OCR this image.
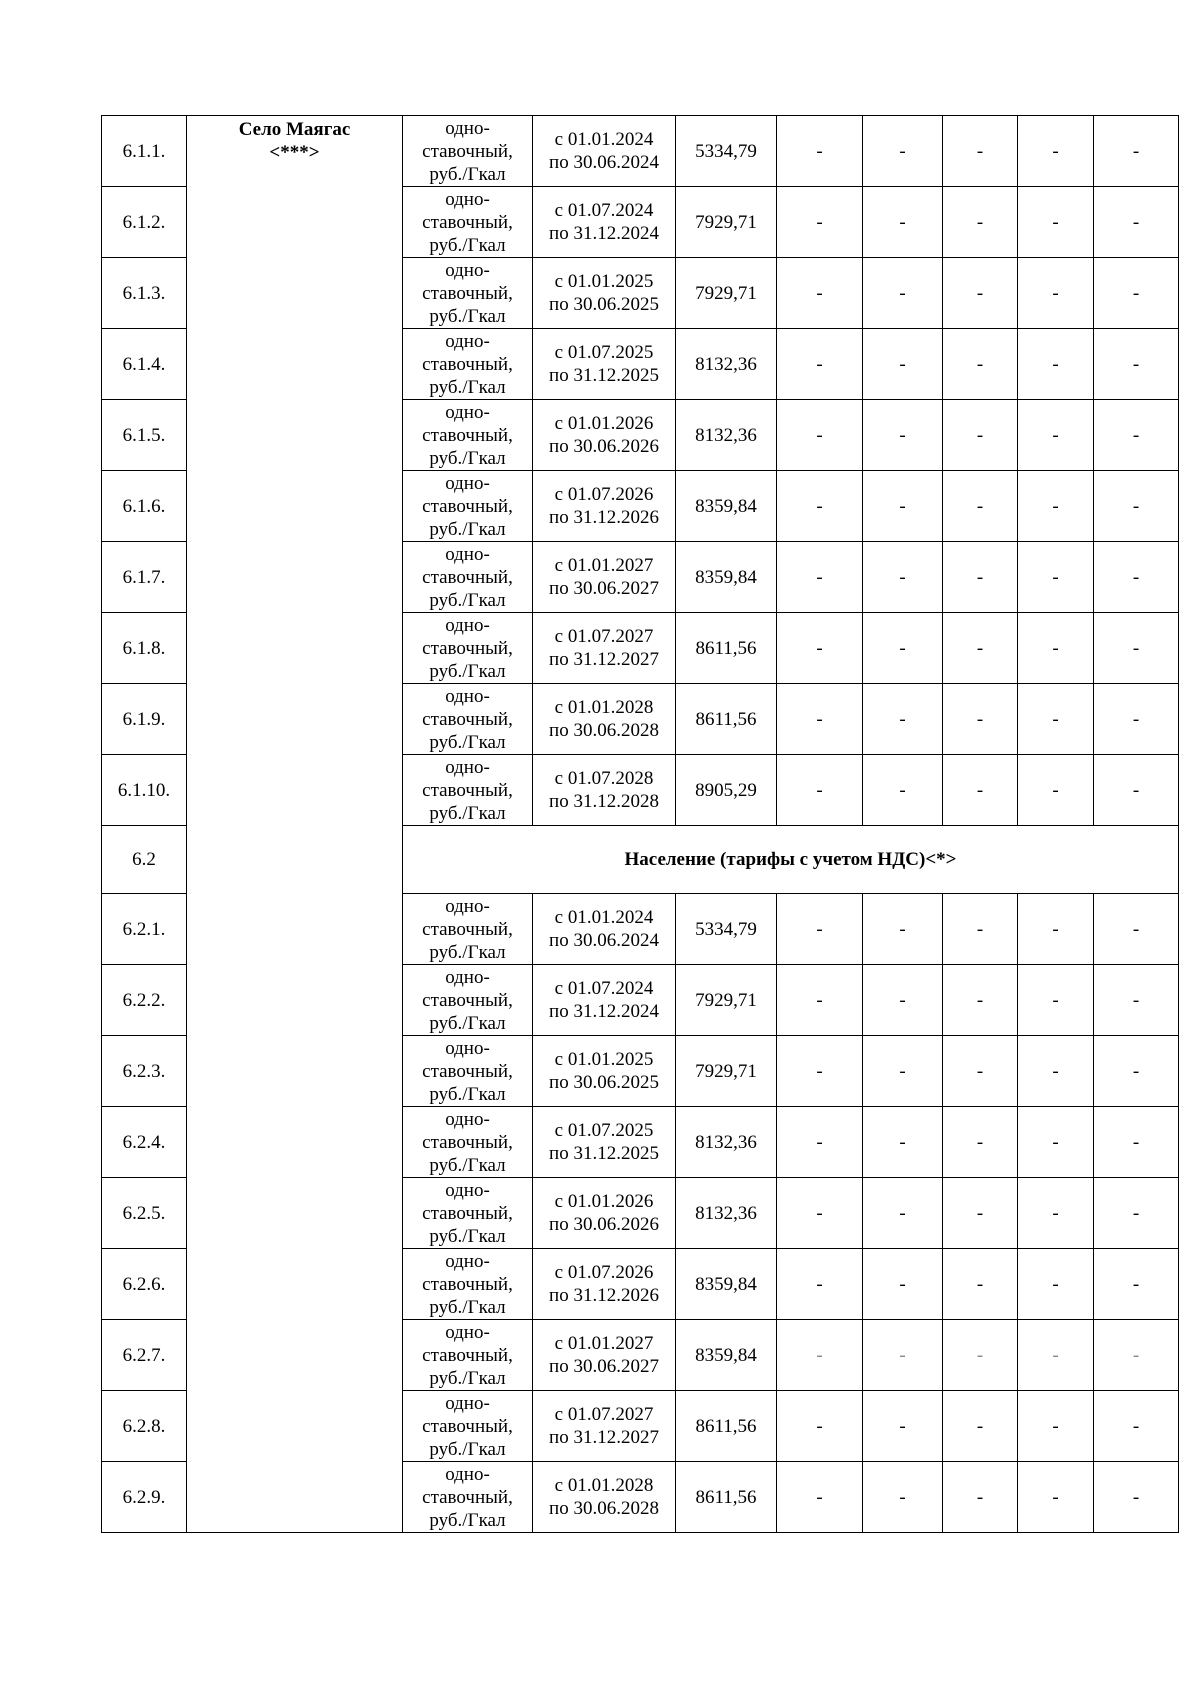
6.1.1.	Село Маягас
<***>	одно-
ставочный,
руб./Гкал	с 01.01.2024
по 30.06.2024	5334,79	-	-	-	-	-
6.1.2.		одно-
ставочный,
руб./Гкал	с 01.07.2024
по 31.12.2024	7929,71	-	-	-	-	-
6.1.3.		одно-
ставочный,
руб./Гкал	с 01.01.2025
по 30.06.2025	7929,71	-	-	-	-	-
6.1.4.		одно-
ставочный,
руб./Гкал	с 01.07.2025
по 31.12.2025	8132,36	-	-	-	-	-
6.1.5.		одно-
ставочный,
руб./Гкал	с 01.01.2026
по 30.06.2026	8132,36	-	-	-	-	-
6.1.6.		одно-
ставочный,
руб./Гкал	с 01.07.2026
по 31.12.2026	8359,84	-	-	-	-	-
6.1.7.		одно-
ставочный,
руб./Гкал	с 01.01.2027
по 30.06.2027	8359,84	-	-	-	-	-
6.1.8.		одно-
ставочный,
руб./Гкал	с 01.07.2027
по 31.12.2027	8611,56	-	-	-	-	-
6.1.9.		одно-
ставочный,
руб./Гкал	с 01.01.2028
по 30.06.2028	8611,56	-	-	-	-	-
6.1.10.		одно-
ставочный,
руб./Гкал	с 01.07.2028
по 31.12.2028	8905,29	-	-	-	-	-
6.2		Население (тарифы с учетом НДС)<*>							
6.2.1.		одно-
ставочный,
руб./Гкал	с 01.01.2024
по 30.06.2024	5334,79	-	-	-	-	-
6.2.2.		одно-
ставочный,
руб./Гкал	с 01.07.2024
по 31.12.2024	7929,71	-	-	-	-	-
6.2.3.		одно-
ставочный,
руб./Гкал	с 01.01.2025
по 30.06.2025	7929,71	-	-	-	-	-
6.2.4.		одно-
ставочный,
руб./Гкал	с 01.07.2025
по 31.12.2025	8132,36	-	-	-	-	-
6.2.5.		одно-
ставочный,
руб./Гкал	с 01.01.2026
по 30.06.2026	8132,36	-	-	-	-	-
6.2.6.		одно-
ставочный,
руб./Гкал	с 01.07.2026
по 31.12.2026	8359,84	-	-	-	-	-
6.2.7.		одно-
ставочный,
руб./Гкал	с 01.01.2027
по 30.06.2027	8359,84	-	-	-	-	-
6.2.8.		одно-
ставочный,
руб./Гкал	с 01.07.2027
по 31.12.2027	8611,56	-	-	-	-	-
6.2.9.		одно-
ставочный,
руб./Гкал	с 01.01.2028
по 30.06.2028	8611,56	-	-	-	-	-
